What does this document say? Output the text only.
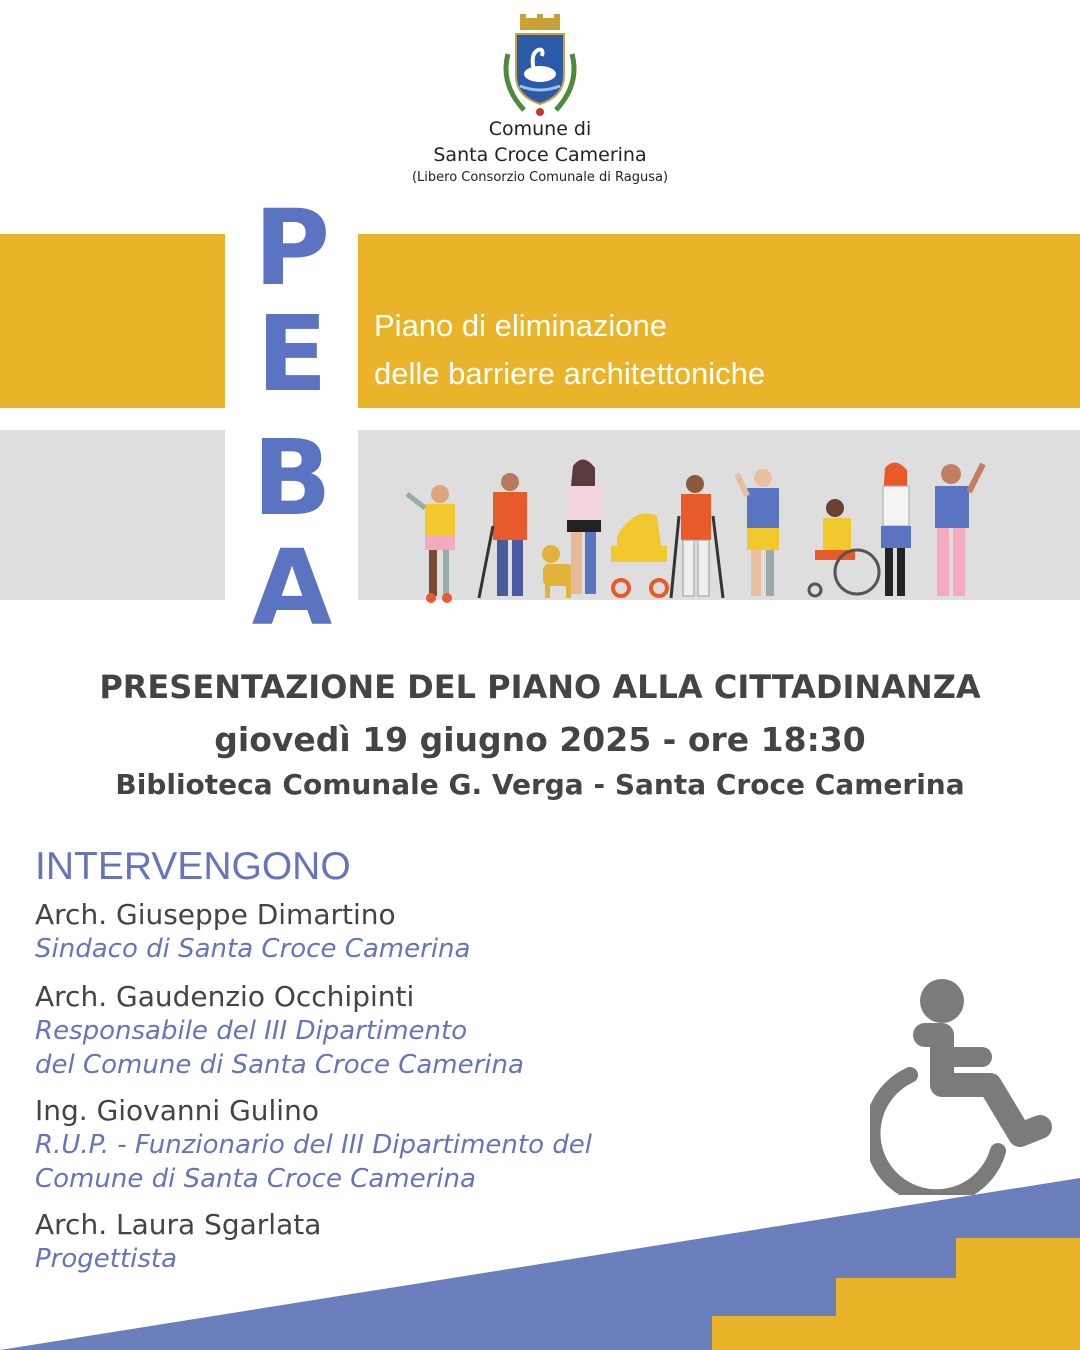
Comune di
Santa Croce Camerina
(Libero Consorzio Comunale di Ragusa)
Piano di eliminazione
delle barriere architettoniche
P
E
B
A
PRESENTAZIONE DEL PIANO ALLA CITTADINANZA
giovedì 19 giugno 2025 - ore 18:30
Biblioteca Comunale G. Verga - Santa Croce Camerina
INTERVENGONO
Arch. Giuseppe Dimartino
Sindaco di Santa Croce Camerina
Arch. Gaudenzio Occhipinti
Responsabile del III Dipartimento
del Comune di Santa Croce Camerina
Ing. Giovanni Gulino
R.U.P. - Funzionario del III Dipartimento del
Comune di Santa Croce Camerina
Arch. Laura Sgarlata
Progettista
